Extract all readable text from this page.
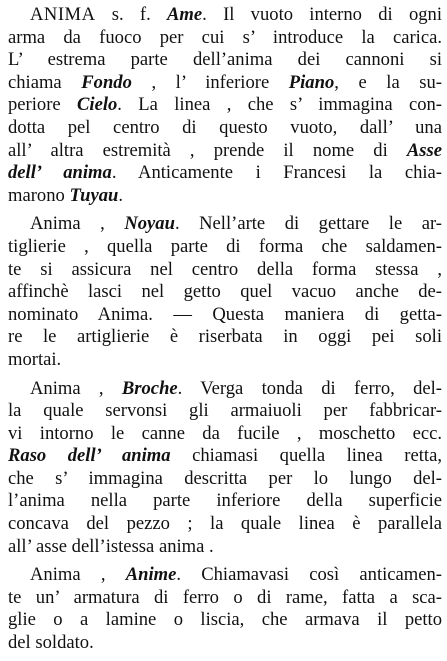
ANIMA s. f. Ame. Il vuoto interno di ogni
arma da fuoco per cui s’ introduce la carica.
L’ estrema parte dell’anima dei cannoni si
chiama Fondo , l’ inferiore Piano, e la su-
periore Cielo. La linea , che s’ immagina con-
dotta pel centro di questo vuoto, dall’ una
all’ altra estremità , prende il nome di Asse
dell’ anima. Anticamente i Francesi la chia-
marono Tuyau.
Anima , Noyau. Nell’arte di gettare le ar-
tiglierie , quella parte di forma che saldamen-
te si assicura nel centro della forma stessa ,
affinchè lasci nel getto quel vacuo anche de-
nominato Anima. — Questa maniera di getta-
re le artiglierie è riserbata in oggi pei soli
mortai.
Anima , Broche. Verga tonda di ferro, del-
la quale servonsi gli armaiuoli per fabbricar-
vi intorno le canne da fucile , moschetto ecc.
Raso dell’ anima chiamasi quella linea retta,
che s’ immagina descritta per lo lungo del-
l’anima nella parte inferiore della superficie
concava del pezzo ; la quale linea è parallela
all’ asse dell’istessa anima .
Anima , Anime. Chiamavasi così anticamen-
te un’ armatura di ferro o di rame, fatta a sca-
glie o a lamine o liscia, che armava il petto
del soldato.
